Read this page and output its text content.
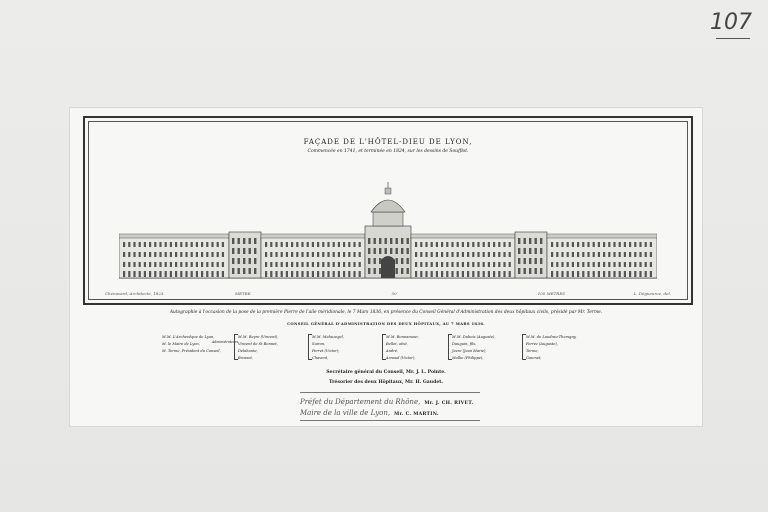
107
FAÇADE DE L'HÔTEL-DIEU DE LYON,
Commencée en 1741, et terminée en 1824, sur les dessins de Soufflot.
Chenavard, Architecte, 1823.	METRE	50	100 METRES	L. Dégueurce, del.
Autographie à l'occasion de la pose de la première Pierre de l'aile méridionale, le 7 Mars 1836, en présence du Conseil Général d'Administration des deux hôpitaux civils, présidé par Mr. Terme.
CONSEIL GÉNÉRAL D'ADMINISTRATION DES DEUX HÔPITAUX, AU 7 MARS 1836.
M.M. L'Archevêque de Lyon,
M. le Maire de Lyon,
M. Terme, Président du Conseil,
Administrateurs
M.M. Reyre (Vincent),
Vincent de St Bonnet,
Delahante,
Brosset,
M.M. Mahuzegel,
Suiron,
Perret (Victor),
Chavent,
M.M. Bonnamour,
Bellet, aîné,
André,
Arnaud (Victor),
M.M. Dubois (Auguste),
Dauguin, fils,
Javre (Jean Marie),
Mollie (Philippe),
M.M. de Laudrau-Thersgny,
Ferrez (Auguste),
Terme,
Gaumet,
Secrétaire général du Conseil, Mr. J. L. Pointe.
Trésorier des deux Hôpitaux, Mr. H. Gaudet.
Préfet du Département du Rhône, Mr. J. CH. RIVET.
Maire de la ville de Lyon, Mr. C. MARTIN.
